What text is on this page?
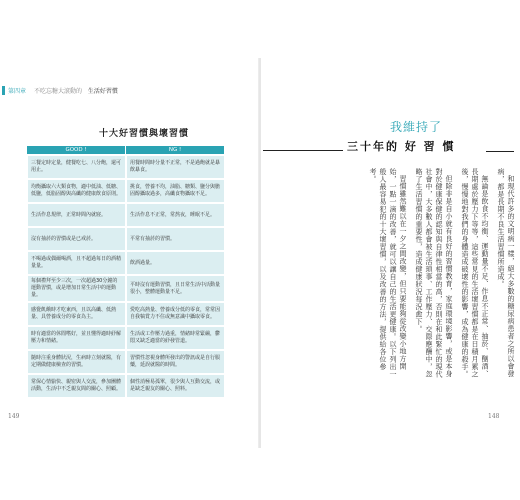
第四章 不吃忘糖大滾動的 生活好習慣
十大好習慣與壞習慣
GOOD !	NG !
三餐定時定量，健餐吃七、八分飽，還可用止。	用餐時間時分量不正常，不是過飽就是暴飲暴食。
均衡攝取六大類食物，適中低油、低糖、低鹽，低脂固醇與高纖的健康飲食原則。	挑食，營養不均，油脂、糖類、鹽分與膽固醇攝取過多，高纖食物攝取不足。
生活作息規律，正常時間內就寢。	生活作息不正常，常熬夜，睡眠不足。
沒有抽菸的習慣或是已戒菸。	平常有抽菸的習慣。
不喝過或偶爾喝酒，且不超過每日的酒精量量。	飲酒過量。
每個禮拜至少三次，一次超過30分鐘的運動習慣，或是增加日常生活中的運動量。	平時沒有運動習慣，且日常生活中活動量很小，整體運動量不足。
感覺飢餓時才吃東西，且以高纖、低熱量、具營養成分的零食為主。	愛吃高熱量、營養成分低的零食，常常因自我犒賞力不住或無意識中攝取零食。
時有適當的休閒嗜好，並且懂得適時紓解壓力和情緒。	生活或工作壓力過重，情緒時常緊繃，鬱悶又缺乏適當的紓發管道。
隨時注重身體狀況，生病時立刻就醫，有定期做健康檢查的習慣。	習慣性忽視身體所發出的警訊或是自行服藥，延誤就醫的時間。
常保心情愉快、親密與人交流，參加團體活動，生活中不乏親友間的關心、照顧。	個性消極易孤單，很少與人互動交流，或是缺乏親友的關心、照料。
我維持了
三十年的 好 習 慣

和現代許多的文明病一樣，絕大多數的糖尿病患者之所以會發病，都是長期不良生活習慣所造成。

無論是飲食不均衡、運動量不足、作息不正常、抽菸、酗酒、長期處於壓力下等等，這些常見的生活壞習慣都是在日積月累之後，慢慢地對我們的身體造成破壞性的影響，成為健康的殺手。

但除非是自小就有良好的習慣教育，家庭環境影響，或是本身對於健康保健的認知與自律性相當的高，否則在和此緊忙的現代社會中，大多數人都會被生活瑣事、工作壓力、交際應酬中，忽略了生活習慣的重要性，造成健康狀況每況愈下。

習慣雖然難以在一夕之間改變，但只要能夠從改變小地方開始，一點一滴的改善，就可以讓自己的生活更健康。以下列出一般人最容易犯的十大壞習慣，以及改善的方法，提供給各位參考。

149	148
